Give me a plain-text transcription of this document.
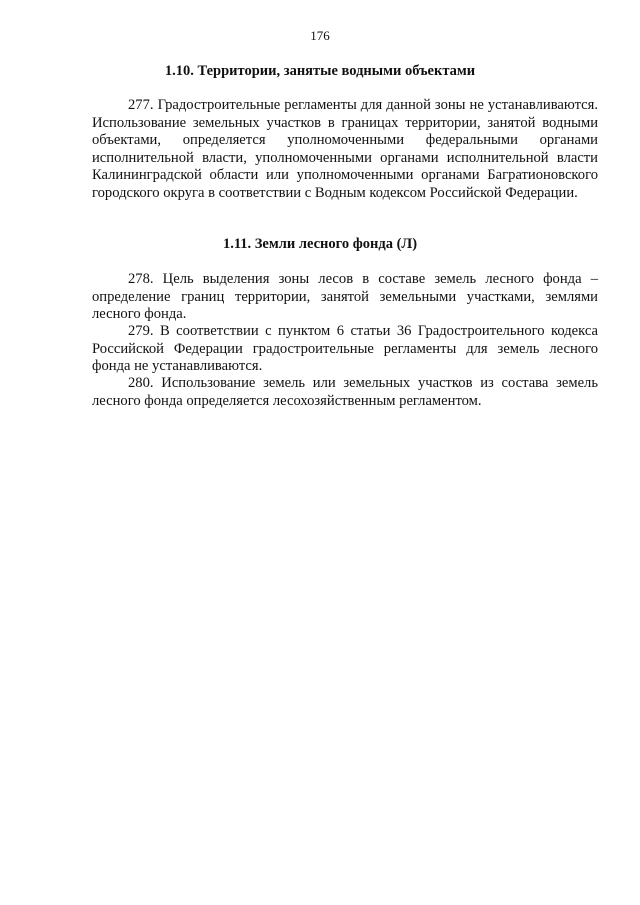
176
1.10. Территории, занятые водными объектами

277. Градостроительные регламенты для данной зоны не устанавливаются. Использование земельных участков в границах территории, занятой водными объектами, определяется уполномоченными федеральными органами исполнительной власти, уполномоченными органами исполнительной власти Калининградской области или уполномоченными органами Багратионовского городского округа в соответствии с Водным кодексом Российской Федерации.

1.11. Земли лесного фонда (Л)

278. Цель выделения зоны лесов в составе земель лесного фонда – определение границ территории, занятой земельными участками, землями лесного фонда.

279. В соответствии с пунктом 6 статьи 36 Градостроительного кодекса Российской Федерации градостроительные регламенты для земель лесного фонда не устанавливаются.

280. Использование земель или земельных участков из состава земель лесного фонда определяется лесохозяйственным регламентом.
